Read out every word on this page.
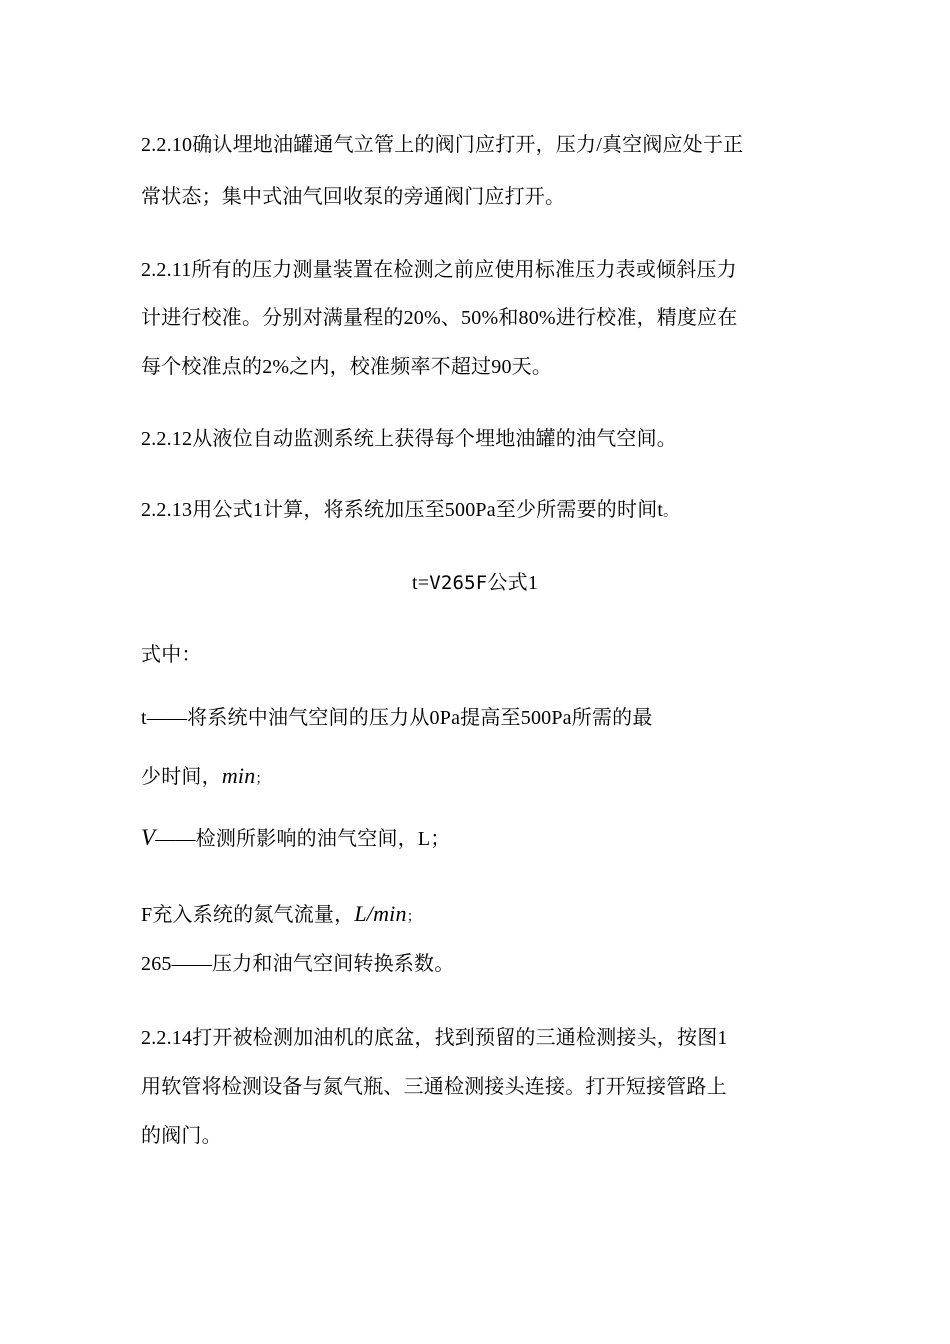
2.2.10确认埋地油罐通气立管上的阀门应打开，压力/真空阀应处于正
常状态；集中式油气回收泵的旁通阀门应打开。
2.2.11所有的压力测量装置在检测之前应使用标准压力表或倾斜压力
计进行校准。分别对满量程的20%、50%和80%进行校准，精度应在
每个校准点的2%之内，校准频率不超过90天。
2.2.12从液位自动监测系统上获得每个埋地油罐的油气空间。
2.2.13用公式1计算，将系统加压至500Pa至少所需要的时间t。
t=V265F公式1
式中：
t——将系统中油气空间的压力从0Pa提高至500Pa所需的最
少时间，min；
V——检测所影响的油气空间，L；
F充入系统的氮气流量，L/min；
265——压力和油气空间转换系数。
2.2.14打开被检测加油机的底盆，找到预留的三通检测接头，按图1
用软管将检测设备与氮气瓶、三通检测接头连接。打开短接管路上
的阀门。
